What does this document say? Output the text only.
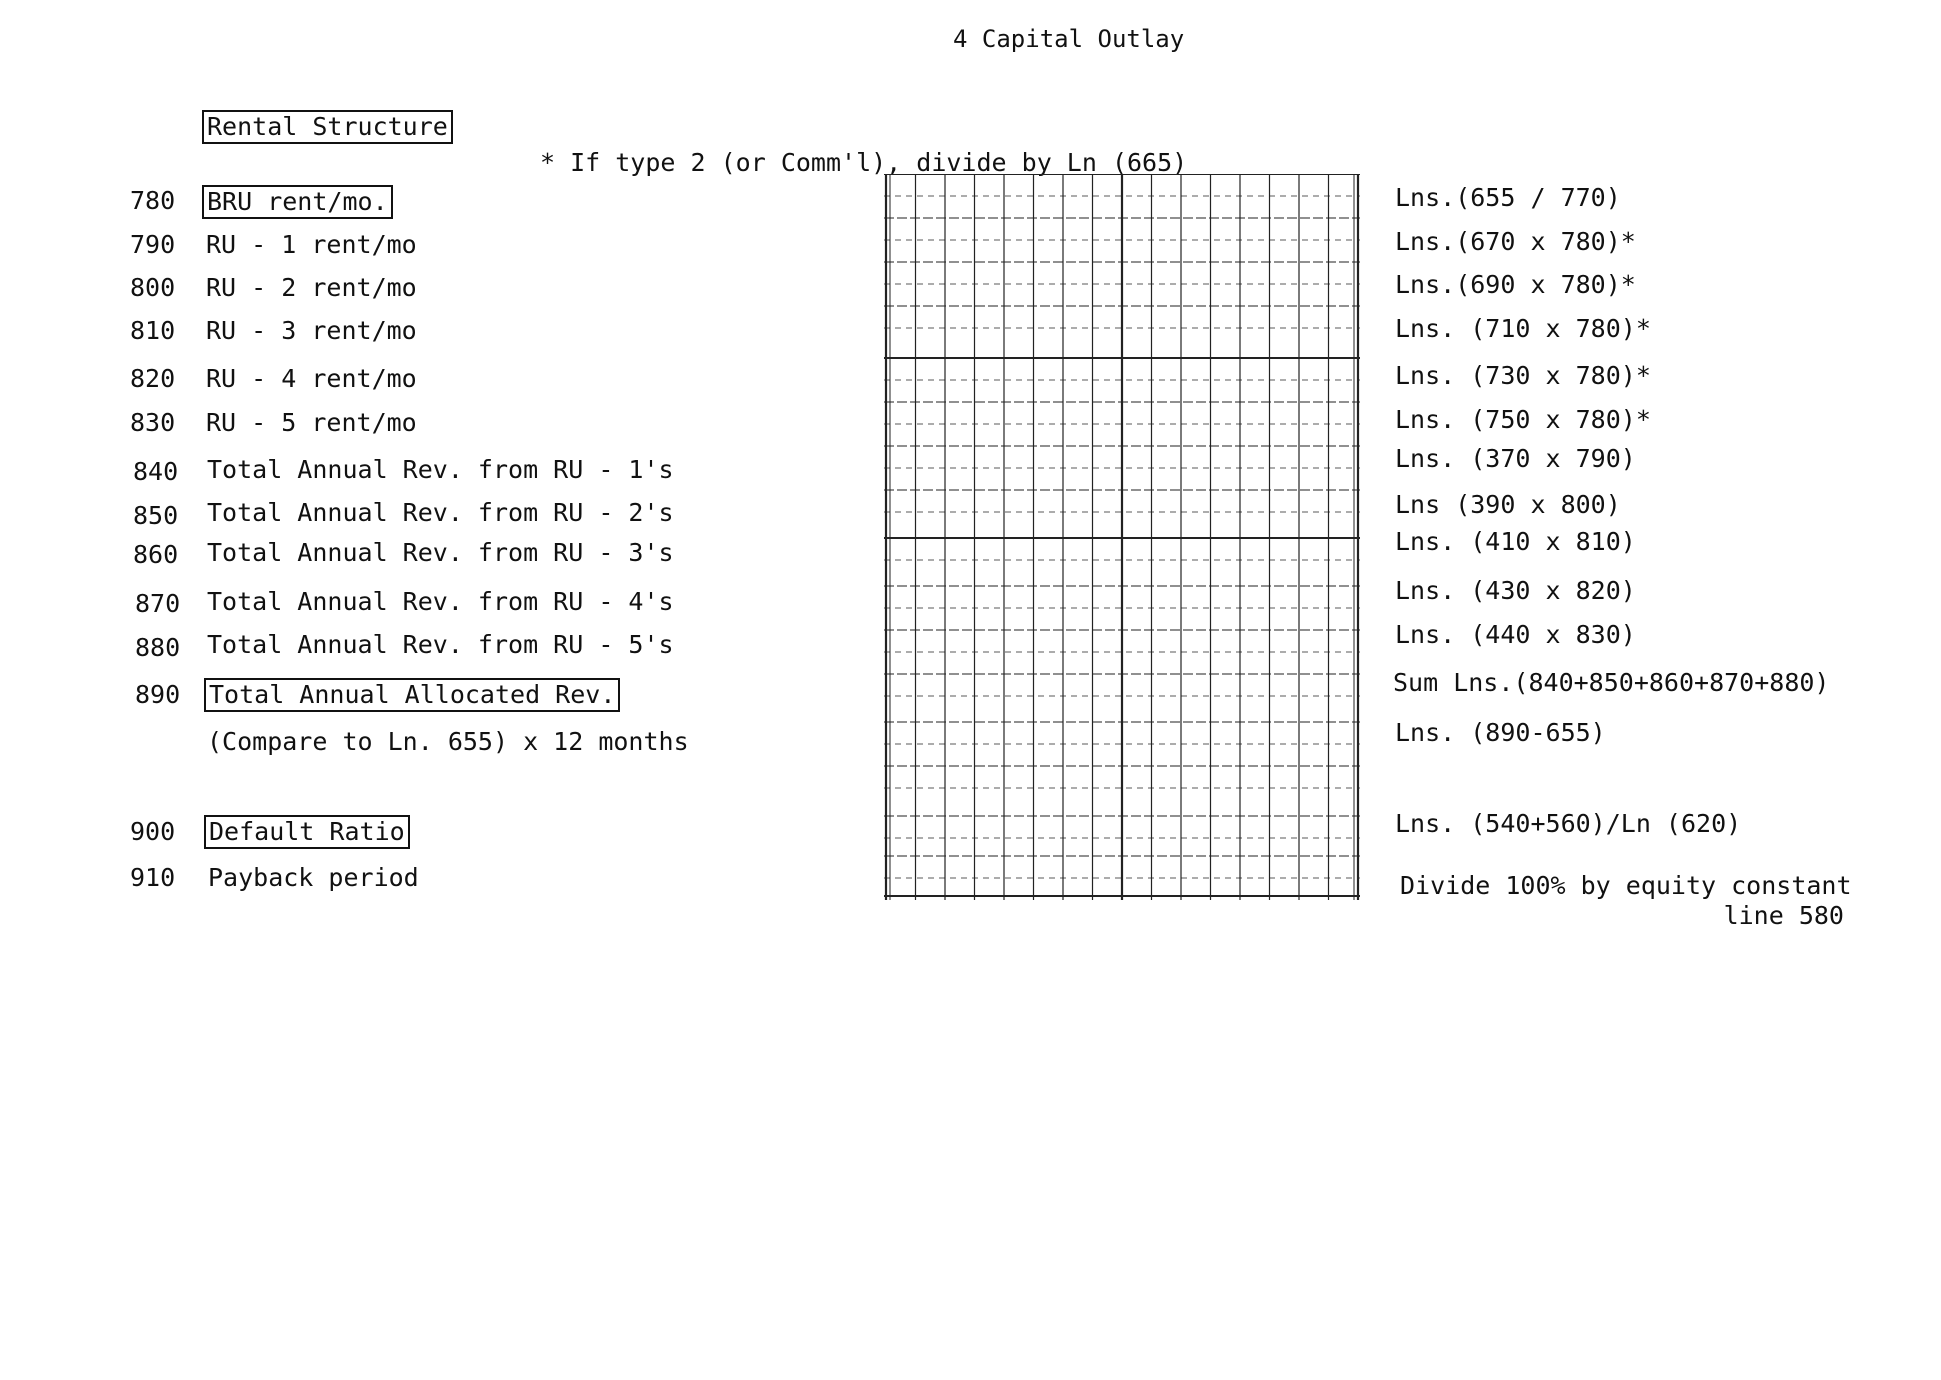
4 Capital Outlay
Rental Structure
* If type 2 (or Comm'l), divide by Ln (665)
780
790
800
810
820
830
840
850
860
870
880
890
900
910
BRU rent/mo.
RU - 1 rent/mo
RU - 2 rent/mo
RU - 3 rent/mo
RU - 4 rent/mo
RU - 5 rent/mo
Total Annual Rev. from RU - 1's
Total Annual Rev. from RU - 2's
Total Annual Rev. from RU - 3's
Total Annual Rev. from RU - 4's
Total Annual Rev. from RU - 5's
Total Annual Allocated Rev.
(Compare to Ln. 655) x 12 months
Default Ratio
Payback period
Lns.(655 / 770)
Lns.(670 x 780)*
Lns.(690 x 780)*
Lns. (710 x 780)*
Lns. (730 x 780)*
Lns. (750 x 780)*
Lns. (370 x 790)
Lns (390 x 800)
Lns. (410 x 810)
Lns. (430 x 820)
Lns. (440 x 830)
Sum Lns.(840+850+860+870+880)
Lns. (890-655)
Lns. (540+560)/Ln (620)
Divide 100% by equity constant
line 580
